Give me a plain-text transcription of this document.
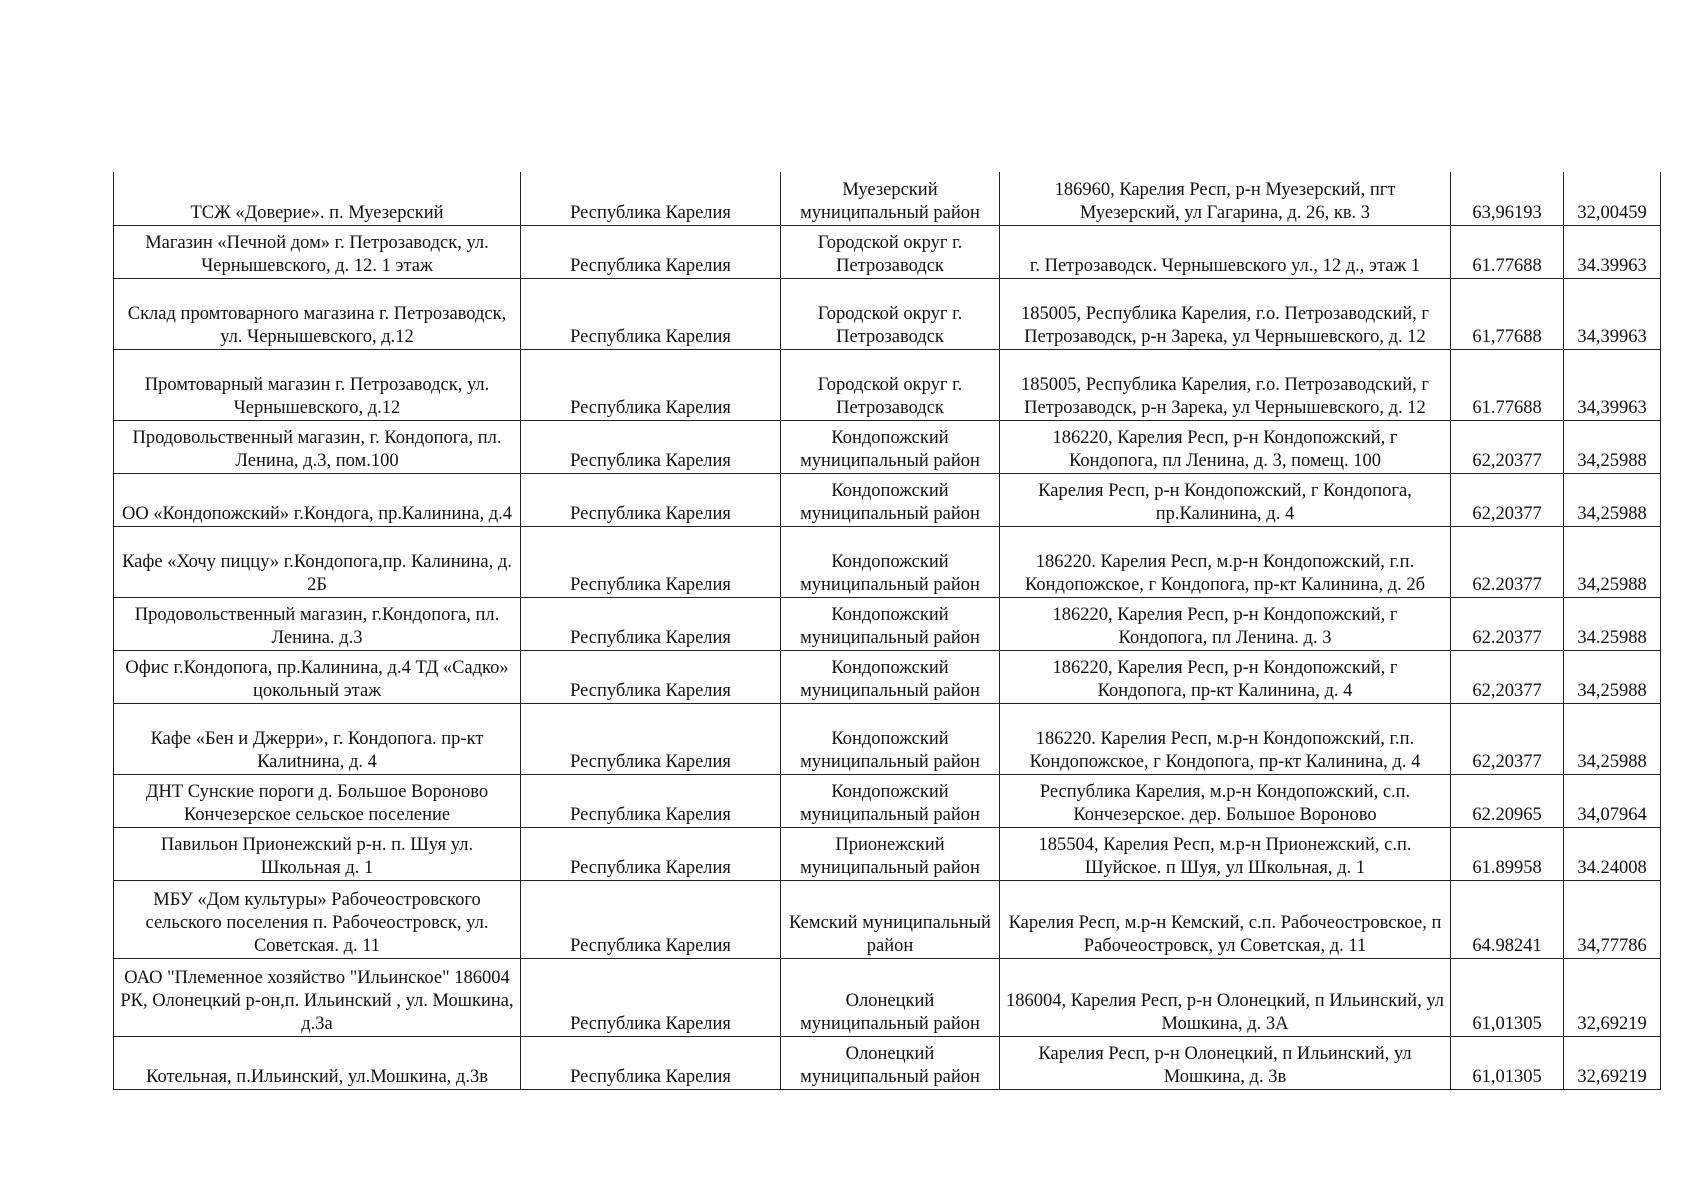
ТСЖ «Доверие». п. Муезерский	Республика Карелия	Муезерский муниципальный район	186960, Карелия Респ, р-н Муезерский, пгт Муезерский, ул Гагарина, д. 26, кв. 3	63,96193	32,00459
Магазин «Печной дом» г. Петрозаводск, ул. Чернышевского, д. 12. 1 этаж	Республика Карелия	Городской округ г. Петрозаводск	г. Петрозаводск. Чернышевского ул., 12 д., этаж 1	61.77688	34.39963
Склад промтоварного магазина г. Петрозаводск, ул. Чернышевского, д.12	Республика Карелия	Городской округ г. Петрозаводск	185005, Республика Карелия, г.о. Петрозаводский, г Петрозаводск, р-н Зарека, ул Чернышевского, д. 12	61,77688	34,39963
Промтоварный магазин г. Петрозаводск, ул. Чернышевского, д.12	Республика Карелия	Городской округ г. Петрозаводск	185005, Республика Карелия, г.о. Петрозаводский, г Петрозаводск, р-н Зарека, ул Чернышевского, д. 12	61.77688	34,39963
Продовольственный магазин, г. Кондопога, пл. Ленина, д.3, пом.100	Республика Карелия	Кондопожский муниципальный район	186220, Карелия Респ, р-н Кондопожский, г Кондопога, пл Ленина, д. 3, помещ. 100	62,20377	34,25988
ОО «Кондопожский» г.Кондога, пр.Калинина, д.4	Республика Карелия	Кондопожский муниципальный район	Карелия Респ, р-н Кондопожский, г Кондопога, пр.Калинина, д. 4	62,20377	34,25988
Кафе «Хочу пиццу» г.Кондопога,пр. Калинина, д. 2Б	Республика Карелия	Кондопожский муниципальный район	186220. Карелия Респ, м.р-н Кондопожский, г.п. Кондопожское, г Кондопога, пр-кт Калинина, д. 2б	62.20377	34,25988
Продовольственный магазин, г.Кондопога, пл. Ленина. д.3	Республика Карелия	Кондопожский муниципальный район	186220, Карелия Респ, р-н Кондопожский, г Кондопога, пл Ленина. д. 3	62.20377	34.25988
Офис г.Кондопога, пр.Калинина, д.4 ТД «Садко» цокольный этаж	Республика Карелия	Кондопожский муниципальный район	186220, Карелия Респ, р-н Кондопожский, г Кондопога, пр-кт Калинина, д. 4	62,20377	34,25988
Кафе «Бен и Джерри», г. Кондопога. пр-кт Калиtнина, д. 4	Республика Карелия	Кондопожский муниципальный район	186220. Карелия Респ, м.р-н Кондопожский, г.п. Кондопожское, г Кондопога, пр-кт Калинина, д. 4	62,20377	34,25988
ДНТ Сунские пороги д. Большое Вороново Кончезерское сельское поселение	Республика Карелия	Кондопожский муниципальный район	Республика Карелия, м.р-н Кондопожский, с.п. Кончезерское. дер. Большое Вороново	62.20965	34,07964
Павильон Прионежский р-н. п. Шуя ул. Школьная д. 1	Республика Карелия	Прионежский муниципальный район	185504, Карелия Респ, м.р-н Прионежский, с.п. Шуйское. п Шуя, ул Школьная, д. 1	61.89958	34.24008
МБУ «Дом культуры» Рабочеостровского сельского поселения п. Рабочеостровск, ул. Советская. д. 11	Республика Карелия	Кемский муниципальный район	Карелия Респ, м.р-н Кемский, с.п. Рабочеостровское, п Рабочеостровск, ул Советская, д. 11	64.98241	34,77786
ОАО "Племенное хозяйство "Ильинское" 186004 РК, Олонецкий р-он,п. Ильинский , ул. Мошкина, д.3а	Республика Карелия	Олонецкий муниципальный район	186004, Карелия Респ, р-н Олонецкий, п Ильинский, ул Мошкина, д. 3А	61,01305	32,69219
Котельная, п.Ильинский, ул.Мошкина, д.3в	Республика Карелия	Олонецкий муниципальный район	Карелия Респ, р-н Олонецкий, п Ильинский, ул Мошкина, д. 3в	61,01305	32,69219
